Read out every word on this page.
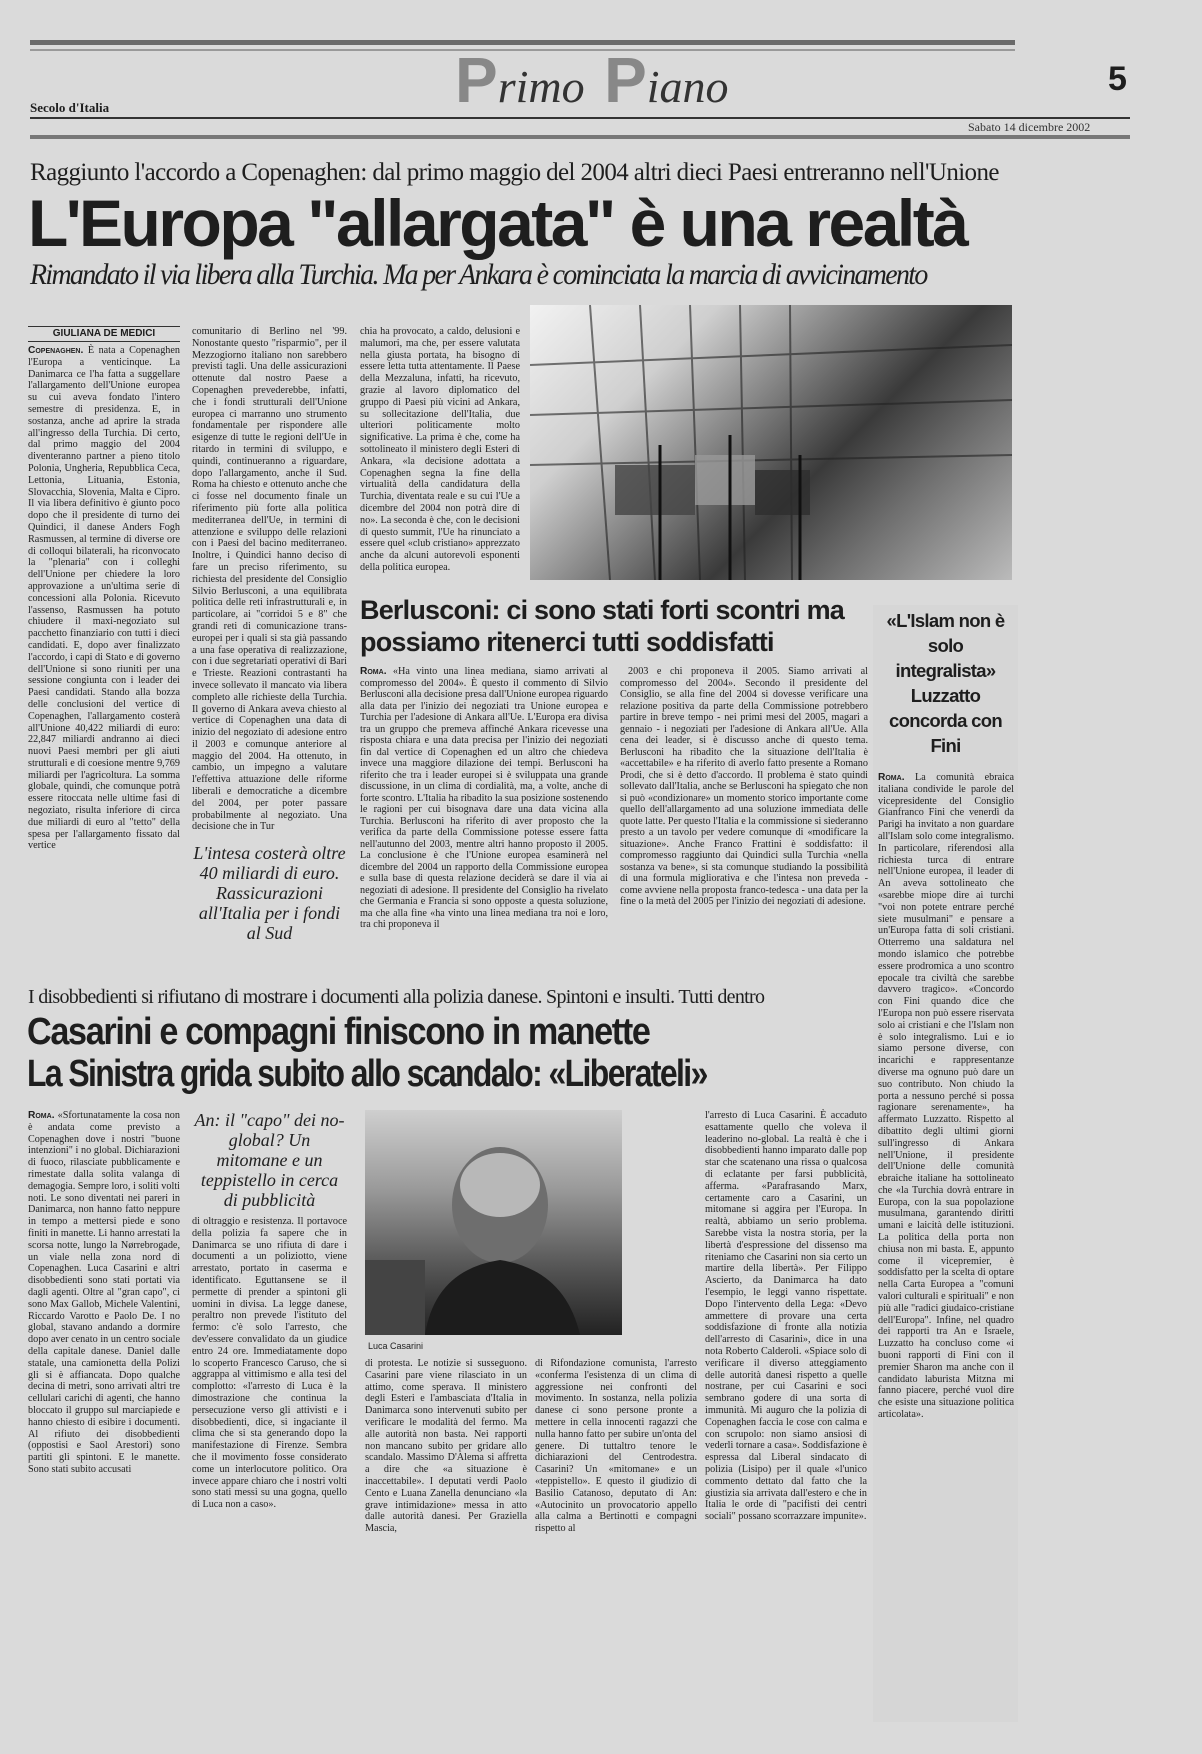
Primo Piano	5
Secolo d'Italia
Sabato 14 dicembre 2002
Raggiunto l'accordo a Copenaghen: dal primo maggio del 2004 altri dieci Paesi entreranno nell'Unione
L'Europa "allargata" è una realtà
Rimandato il via libera alla Turchia. Ma per Ankara è cominciata la marcia di avvicinamento
GIULIANA DE MEDICI

Copenaghen. È nata a Copenaghen l'Europa a venticinque. La Danimarca ce l'ha fatta a suggellare l'allargamento dell'Unione europea su cui aveva fondato l'intero semestre di presidenza. E, in sostanza, anche ad aprire la strada all'ingresso della Turchia. Di certo, dal primo maggio del 2004 diventeranno partner a pieno titolo Polonia, Ungheria, Repubblica Ceca, Lettonia, Lituania, Estonia, Slovacchia, Slovenia, Malta e Cipro. Il via libera definitivo è giunto poco dopo che il presidente di turno dei Quindici, il danese Anders Fogh Rasmussen, al termine di diverse ore di colloqui bilaterali, ha riconvocato la "plenaria" con i colleghi dell'Unione per chiedere la loro approvazione a un'ultima serie di concessioni alla Polonia. Ricevuto l'assenso, Rasmussen ha potuto chiudere il maxi-negoziato sul pacchetto finanziario con tutti i dieci candidati. E, dopo aver finalizzato l'accordo, i capi di Stato e di governo dell'Unione si sono riuniti per una sessione congiunta con i leader dei Paesi candidati. Stando alla bozza delle conclusioni del vertice di Copenaghen, l'allargamento costerà all'Unione 40,422 miliardi di euro: 22,847 miliardi andranno ai dieci nuovi Paesi membri per gli aiuti strutturali e di coesione mentre 9,769 miliardi per l'agricoltura. La somma globale, quindi, che comunque potrà essere ritoccata nelle ultime fasi di negoziato, risulta inferiore di circa due miliardi di euro al "tetto" della spesa per l'allargamento fissato dal vertice

comunitario di Berlino nel '99. Nonostante questo "risparmio", per il Mezzogiorno italiano non sarebbero previsti tagli. Una delle assicurazioni ottenute dal nostro Paese a Copenaghen prevederebbe, infatti, che i fondi strutturali dell'Unione europea ci marranno uno strumento fondamentale per rispondere alle esigenze di tutte le regioni dell'Ue in ritardo in termini di sviluppo, e quindi, continueranno a riguardare, dopo l'allargamento, anche il Sud. Roma ha chiesto e ottenuto anche che ci fosse nel documento finale un riferimento più forte alla politica mediterranea dell'Ue, in termini di attenzione e sviluppo delle relazioni con i Paesi del bacino mediterraneo. Inoltre, i Quindici hanno deciso di fare un preciso riferimento, su richiesta del presidente del Consiglio Silvio Berlusconi, a una equilibrata politica delle reti infrastrutturali e, in particolare, ai "corridoi 5 e 8" che grandi reti di comunicazione trans-europei per i quali si sta già passando a una fase operativa di realizzazione, con i due segretariati operativi di Bari e Trieste. Reazioni contrastanti ha invece sollevato il mancato via libera completo alle richieste della Turchia. Il governo di Ankara aveva chiesto al vertice di Copenaghen una data di inizio del negoziato di adesione entro il 2003 e comunque anteriore al maggio del 2004. Ha ottenuto, in cambio, un impegno a valutare l'effettiva attuazione delle riforme liberali e democratiche a dicembre del 2004, per poter passare probabilmente al negoziato. Una decisione che in Tur

L'intesa costerà oltre 40 miliardi di euro. Rassicurazioni all'Italia per i fondi al Sud

chia ha provocato, a caldo, delusioni e malumori, ma che, per essere valutata nella giusta portata, ha bisogno di essere letta tutta attentamente. Il Paese della Mezzaluna, infatti, ha ricevuto, grazie al lavoro diplomatico del gruppo di Paesi più vicini ad Ankara, su sollecitazione dell'Italia, due ulteriori politicamente molto significative. La prima è che, come ha sottolineato il ministero degli Esteri di Ankara, «la decisione adottata a Copenaghen segna la fine della virtualità della candidatura della Turchia, diventata reale e su cui l'Ue a dicembre del 2004 non potrà dire di no». La seconda è che, con le decisioni di questo summit, l'Ue ha rinunciato a essere quel «club cristiano» apprezzato anche da alcuni autorevoli esponenti della politica europea.

Berlusconi: ci sono stati forti scontri ma possiamo ritenerci tutti soddisfatti

Roma. «Ha vinto una linea mediana, siamo arrivati al compromesso del 2004». È questo il commento di Silvio Berlusconi alla decisione presa dall'Unione europea riguardo alla data per l'inizio dei negoziati tra Unione europea e Turchia per l'adesione di Ankara all'Ue. L'Europa era divisa tra un gruppo che premeva affinché Ankara ricevesse una risposta chiara e una data precisa per l'inizio dei negoziati fin dal vertice di Copenaghen ed un altro che chiedeva invece una maggiore dilazione dei tempi. Berlusconi ha riferito che tra i leader europei si è sviluppata una grande discussione, in un clima di cordialità, ma, a volte, anche di forte scontro. L'Italia ha ribadito la sua posizione sostenendo le ragioni per cui bisognava dare una data vicina alla Turchia. Berlusconi ha riferito di aver proposto che la verifica da parte della Commissione potesse essere fatta nell'autunno del 2003, mentre altri hanno proposto il 2005. La conclusione è che l'Unione europea esaminerà nel dicembre del 2004 un rapporto della Commissione europea e sulla base di questa relazione deciderà se dare il via ai negoziati di adesione. Il presidente del Consiglio ha rivelato che Germania e Francia si sono opposte a questa soluzione, ma che alla fine «ha vinto una linea mediana tra noi e loro, tra chi proponeva il

2003 e chi proponeva il 2005. Siamo arrivati al compromesso del 2004». Secondo il presidente del Consiglio, se alla fine del 2004 si dovesse verificare una relazione positiva da parte della Commissione potrebbero partire in breve tempo - nei primi mesi del 2005, magari a gennaio - i negoziati per l'adesione di Ankara all'Ue. Alla cena dei leader, si è discusso anche di questo tema. Berlusconi ha ribadito che la situazione dell'Italia è «accettabile» e ha riferito di averlo fatto presente a Romano Prodi, che si è detto d'accordo. Il problema è stato quindi sollevato dall'Italia, anche se Berlusconi ha spiegato che non si può «condizionare» un momento storico importante come quello dell'allargamento ad una soluzione immediata delle quote latte. Per questo l'Italia e la commissione si siederanno presto a un tavolo per vedere comunque di «modificare la situazione». Anche Franco Frattini è soddisfatto: il compromesso raggiunto dai Quindici sulla Turchia «nella sostanza va bene», si sta comunque studiando la possibilità di una formula migliorativa e che l'intesa non preveda - come avviene nella proposta franco-tedesca - una data per la fine o la metà del 2005 per l'inizio dei negoziati di adesione.

«L'Islam non è solo integralista» Luzzatto concorda con Fini

Roma. La comunità ebraica italiana condivide le parole del vicepresidente del Consiglio Gianfranco Fini che venerdì da Parigi ha invitato a non guardare all'Islam solo come integralismo. In particolare, riferendosi alla richiesta turca di entrare nell'Unione europea, il leader di An aveva sottolineato che «sarebbe miope dire ai turchi "voi non potete entrare perché siete musulmani" e pensare a un'Europa fatta di soli cristiani. Otterremo una saldatura nel mondo islamico che potrebbe essere prodromica a uno scontro epocale tra civiltà che sarebbe davvero tragico». «Concordo con Fini quando dice che l'Europa non può essere riservata solo ai cristiani e che l'Islam non è solo integralismo. Lui e io siamo persone diverse, con incarichi e rappresentanze diverse ma ognuno può dare un suo contributo. Non chiudo la porta a nessuno perché si possa ragionare serenamente», ha affermato Luzzatto. Rispetto al dibattito degli ultimi giorni sull'ingresso di Ankara nell'Unione, il presidente dell'Unione delle comunità ebraiche italiane ha sottolineato che «la Turchia dovrà entrare in Europa, con la sua popolazione musulmana, garantendo diritti umani e laicità delle istituzioni. La politica della porta non chiusa non mi basta. E, appunto come il vicepremier, è soddisfatto per la scelta di optare nella Carta Europea a "comuni valori culturali e spirituali" e non più alle "radici giudaico-cristiane dell'Europa". Infine, nel quadro dei rapporti tra An e Israele, Luzzatto ha concluso come «i buoni rapporti di Fini con il premier Sharon ma anche con il candidato laburista Mitzna mi fanno piacere, perché vuol dire che esiste una situazione politica articolata».

I disobbedienti si rifiutano di mostrare i documenti alla polizia danese. Spintoni e insulti. Tutti dentro
Casarini e compagni finiscono in manette
La Sinistra grida subito allo scandalo: «Liberateli»

Roma. «Sfortunatamente la cosa non è andata come previsto a Copenaghen dove i nostri "buone intenzioni" i no global. Dichiarazioni di fuoco, rilasciate pubblicamente e rimestate dalla solita valanga di demagogia. Sempre loro, i soliti volti noti. Le sono diventati nei pareri in Danimarca, non hanno fatto neppure in tempo a mettersi piede e sono finiti in manette. Li hanno arrestati la scorsa notte, lungo la Nørrebrogade, un viale nella zona nord di Copenaghen. Luca Casarini e altri disobbedienti sono stati portati via dagli agenti. Oltre al "gran capo", ci sono Max Gallob, Michele Valentini, Riccardo Varotto e Paolo De. I no global, stavano andando a dormire dopo aver cenato in un centro sociale della capitale danese. Daniel dalle statale, una camionetta della Polizi gli si è affiancata. Dopo qualche decina di metri, sono arrivati altri tre cellulari carichi di agenti, che hanno bloccato il gruppo sul marciapiede e hanno chiesto di esibire i documenti. Al rifiuto dei disobbedienti (oppostisi e Saol Arestori) sono partiti gli spintoni. E le manette. Sono stati subito accusati

An: il "capo" dei no-global? Un mitomane e un teppistello in cerca di pubblicità

di oltraggio e resistenza. Il portavoce della polizia fa sapere che in Danimarca se uno rifiuta di dare i documenti a un poliziotto, viene arrestato, portato in caserma e identificato. Eguttansene se il permette di prender a spintoni gli uomini in divisa. La legge danese, peraltro non prevede l'istituto del fermo: c'è solo l'arresto, che dev'essere convalidato da un giudice entro 24 ore. Immediatamente dopo lo scoperto Francesco Caruso, che si aggrappa al vittimismo e alla tesi del complotto: «l'arresto di Luca è la dimostrazione che continua la persecuzione verso gli attivisti e i disobbedienti, dice, si ingaciante il clima che si sta generando dopo la manifestazione di Firenze. Sembra che il movimento fosse considerato come un interlocutore politico. Ora invece appare chiaro che i nostri volti sono stati messi su una gogna, quello di Luca non a caso».

Luca Casarini

di protesta. Le notizie si susseguono. Casarini pare viene rilasciato in un attimo, come sperava. Il ministero degli Esteri e l'ambasciata d'Italia in Danimarca sono intervenuti subito per verificare le modalità del fermo. Ma alle autorità non basta. Nei rapporti non mancano subito per gridare allo scandalo. Massimo D'Alema si affretta a dire che «a situazione è inaccettabile». I deputati verdi Paolo Cento e Luana Zanella denunciano «la grave intimidazione» messa in atto dalle autorità danesi. Per Graziella Mascia,

di Rifondazione comunista, l'arresto «conferma l'esistenza di un clima di aggressione nei confronti del movimento. In sostanza, nella polizia danese ci sono persone pronte a mettere in cella innocenti ragazzi che nulla hanno fatto per subire un'onta del genere. Di tuttaltro tenore le dichiarazioni del Centrodestra. Casarini? Un «mitomane» e un «teppistello». E questo il giudizio di Basilio Catanoso, deputato di An: «Autocinito un provocatorio appello alla calma a Bertinotti e compagni rispetto al

l'arresto di Luca Casarini. È accaduto esattamente quello che voleva il leaderino no-global. La realtà è che i disobbedienti hanno imparato dalle pop star che scatenano una rissa o qualcosa di eclatante per farsi pubblicità, afferma. «Parafrasando Marx, certamente caro a Casarini, un mitomane si aggira per l'Europa. In realtà, abbiamo un serio problema. Sarebbe vista la nostra storia, per la libertà d'espressione del dissenso ma riteniamo che Casarini non sia certo un martire della libertà». Per Filippo Ascierto, da Danimarca ha dato l'esempio, le leggi vanno rispettate. Dopo l'intervento della Lega: «Devo ammettere di provare una certa soddisfazione di fronte alla notizia dell'arresto di Casarini», dice in una nota Roberto Calderoli. «Spiace solo di verificare il diverso atteggiamento delle autorità danesi rispetto a quelle nostrane, per cui Casarini e soci sembrano godere di una sorta di immunità. Mi auguro che la polizia di Copenaghen faccia le cose con calma e con scrupolo: non siamo ansiosi di vederli tornare a casa». Soddisfazione è espressa dal Liberal sindacato di polizia (Lisipo) per il quale «l'unico commento dettato dal fatto che la giustizia sia arrivata dall'estero e che in Italia le orde di "pacifisti dei centri sociali" possano scorrazzare impunite».
